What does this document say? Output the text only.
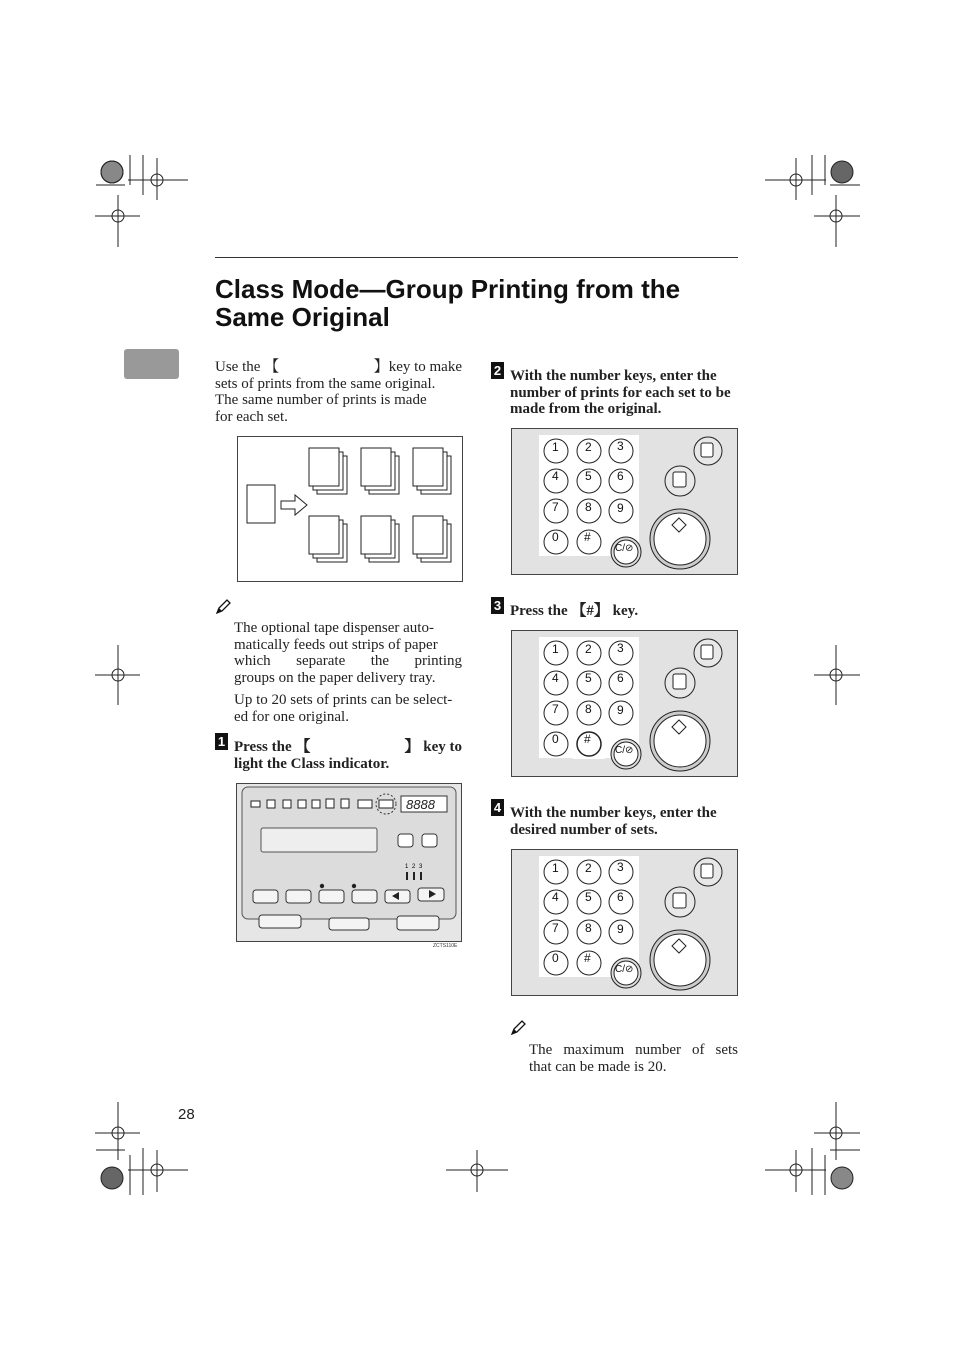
Class Mode—Group Printing from the
Same Original
Use the 【	】key to make
sets of prints from the same original.
The same number of prints is made
for each set.
The optional tape dispenser auto-
matically feeds out strips of paper
which separate the printing
groups on the paper delivery tray.
Up to 20 sets of prints can be select-
ed for one original.
1 Press the 【	】 key to
light the Class indicator.
8888
1 2 3
ZCTS110E
2 With the number keys, enter the
number of prints for each set to be
made from the original.
1 2 3
4 5 6
7 8 9
0 #
C/⊘
3 Press the 【#】 key.
1 2 3
4 5 6
7 8 9
0 #
C/⊘
4 With the number keys, enter the
desired number of sets.
1 2 3
4 5 6
7 8 9
0 #
C/⊘
The maximum number of sets
that can be made is 20.
28
